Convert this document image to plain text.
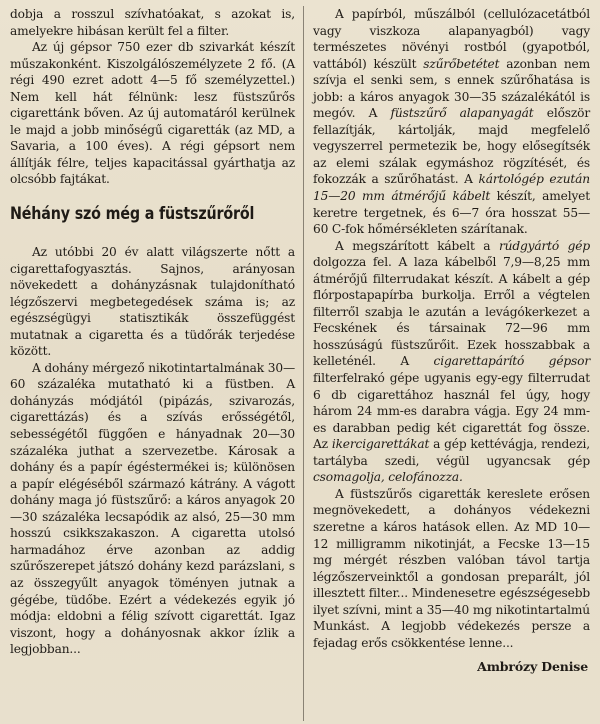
dobja a rosszul szívhatóakat, s azokat is, amelyekre hibásan került fel a filter.

Az új gépsor 750 ezer db szivarkát készít műszakonként. Kiszolgálószemélyzete 2 fő. (A régi 490 ezret adott 4—5 fő személyzettel.) Nem kell hát félnünk: lesz füstszűrős cigarettánk bőven. Az új automatáról kerülnek le majd a jobb minőségű cigaretták (az MD, a Savaria, a 100 éves). A régi gépsort nem állítják félre, teljes kapacitással gyárthatja az olcsóbb fajtákat.

Néhány szó még a füstszűrőről

Az utóbbi 20 év alatt világszerte nőtt a cigarettafogyasztás. Sajnos, arányosan növekedett a dohányzásnak tulajdonítható légzőszervi megbetegedések száma is; az egészségügyi statisztikák összefüggést mutatnak a cigaretta és a tüdőrák terjedése között.

A dohány mérgező nikotintartalmának 30—60 százaléka mutatható ki a füstben. A dohányzás módjától (pipázás, szivarozás, cigarettázás) és a szívás erősségétől, sebességétől függően e hányadnak 20—30 százaléka juthat a szervezetbe. Károsak a dohány és a papír égéstermékei is; különösen a papír elégéséből származó kátrány. A vágott dohány maga jó füstszűrő: a káros anyagok 20—30 százaléka lecsapódik az alsó, 25—30 mm hosszú csikkszakaszon. A cigaretta utolsó harmadához érve azonban az addig szűrőszerepet játszó dohány kezd parázslani, s az összegyűlt anyagok töményen jutnak a gégébe, tüdőbe. Ezért a védekezés egyik jó módja: eldobni a félig szívott cigarettát. Igaz viszont, hogy a dohányosnak akkor ízlik a legjobban...

A papírból, műszálból (cellulózacetátból vagy viszkoza alapanyagból) vagy természetes növényi rostból (gyapotból, vattából) készült szűrőbetétet azonban nem szívja el senki sem, s ennek szűrőhatása is jobb: a káros anyagok 30—35 százalékától is megóv. A füstszűrő alapanyagát először fellazítják, kártolják, majd megfelelő vegyszerrel permetezik be, hogy elősegítsék az elemi szálak egymáshoz rögzítését, és fokozzák a szűrőhatást. A kártológép ezután 15—20 mm átmérőjű kábelt készít, amelyet keretre tergetnek, és 6—7 óra hosszat 55—60 C-fok hőmérsékleten szárítanak.

A megszárított kábelt a rúdgyártó gép dolgozza fel. A laza kábelből 7,9—8,25 mm átmérőjű filterrudakat készít. A kábelt a gép flórpostapapírba burkolja. Erről a végtelen filterről szabja le azután a levágókerkezet a Fecskének és társainak 72—96 mm hosszúságú füstszűrőit. Ezek hosszabbak a kelleténél. A cigarettapárító gépsor filterfelrakó gépe ugyanis egy-egy filterrudat 6 db cigarettához használ fel úgy, hogy három 24 mm-es darabra vágja. Egy 24 mm-es darabban pedig két cigarettát fog össze. Az ikercigarettákat a gép kettévágja, rendezi, tartályba szedi, végül ugyancsak gép csomagolja, celofánozza.

A füstszűrős cigaretták kereslete erősen megnövekedett, a dohányos védekezni szeretne a káros hatások ellen. Az MD 10—12 milligramm nikotinját, a Fecske 13—15 mg mérgét részben valóban távol tartja légzőszerveinktől a gondosan preparált, jól illesztett filter... Mindenesetre egészségesebb ilyet szívni, mint a 35—40 mg nikotintartalmú Munkást. A legjobb védekezés persze a fejadag erős csökkentése lenne...

Ambrózy Denise
